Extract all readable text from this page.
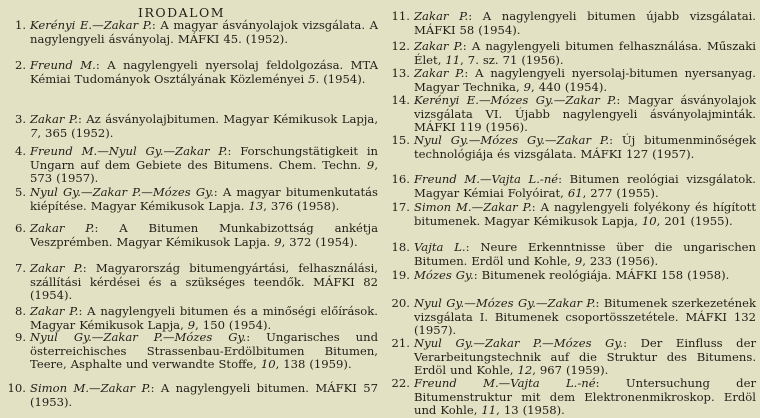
IRODALOM
1. Kerényi E.—Zakar P.: A magyar ásványolajok vizsgálata. A nagylengyeli ásványolaj. MÁFKI 45. (1952).
2. Freund M.: A nagylengyeli nyersolaj feldolgozása. MTA Kémiai Tudományok Osztályának Közleményei 5. (1954).
3. Zakar P.: Az ásványolajbitumen. Magyar Kémikusok Lapja, 7, 365 (1952).
4. Freund M.—Nyul Gy.—Zakar P.: Forschungstätigkeit in Ungarn auf dem Gebiete des Bitumens. Chem. Techn. 9, 573 (1957).
5. Nyul Gy.—Zakar P.—Mózes Gy.: A magyar bitumenkutatás kiépítése. Magyar Kémikusok Lapja. 13, 376 (1958).
6. Zakar P.: A Bitumen Munkabizottság ankétja Veszprémben. Magyar Kémikusok Lapja. 9, 372 (1954).
7. Zakar P.: Magyarország bitumengyártási, felhasználási, szállítási kérdései és a szükséges teendők. MÁFKI 82 (1954).
8. Zakar P.: A nagylengyeli bitumen és a minőségi előírások. Magyar Kémikusok Lapja, 9, 150 (1954).
9. Nyul Gy.—Zakar P.—Mózes Gy.: Ungarisches und österreichisches Strassenbau-Erdölbitumen Bitumen, Teere, Asphalte und verwandte Stoffe, 10, 138 (1959).
10. Simon M.—Zakar P.: A nagylengyeli bitumen. MÁFKI 57 (1953).
11. Zakar P.: A nagylengyeli bitumen újabb vizsgálatai. MÁFKI 58 (1954).
12. Zakar P.: A nagylengyeli bitumen felhasználása. Műszaki Élet, 11, 7. sz. 71 (1956).
13. Zakar P.: A nagylengyeli nyersolaj-bitumen nyersanyag. Magyar Technika, 9, 440 (1954).
14. Kerényi E.—Mózes Gy.—Zakar P.: Magyar ásványolajok vizsgálata VI. Újabb nagylengyeli ásványolajminták. MÁFKI 119 (1956).
15. Nyul Gy.—Mózes Gy.—Zakar P.: Új bitumenminőségek technológiája és vizsgálata. MÁFKI 127 (1957).
16. Freund M.—Vajta L.-né: Bitumen reológiai vizsgálatok. Magyar Kémiai Folyóirat, 61, 277 (1955).
17. Simon M.—Zakar P.: A nagylengyeli folyékony és hígított bitumenek. Magyar Kémikusok Lapja, 10, 201 (1955).
18. Vajta L.: Neure Erkenntnisse über die ungarischen Bitumen. Erdöl und Kohle, 9, 233 (1956).
19. Mózes Gy.: Bitumenek reológiája. MÁFKI 158 (1958).
20. Nyul Gy.—Mózes Gy.—Zakar P.: Bitumenek szerkezetének vizsgálata I. Bitumenek csoportösszetétele. MÁFKI 132 (1957).
21. Nyul Gy.—Zakar P.—Mózes Gy.: Der Einfluss der Verarbeitungstechnik auf die Struktur des Bitumens. Erdöl und Kohle, 12, 967 (1959).
22. Freund M.—Vajta L.-né: Untersuchung der Bitumenstruktur mit dem Elektronenmikroskop. Erdöl und Kohle, 11, 13 (1958).
